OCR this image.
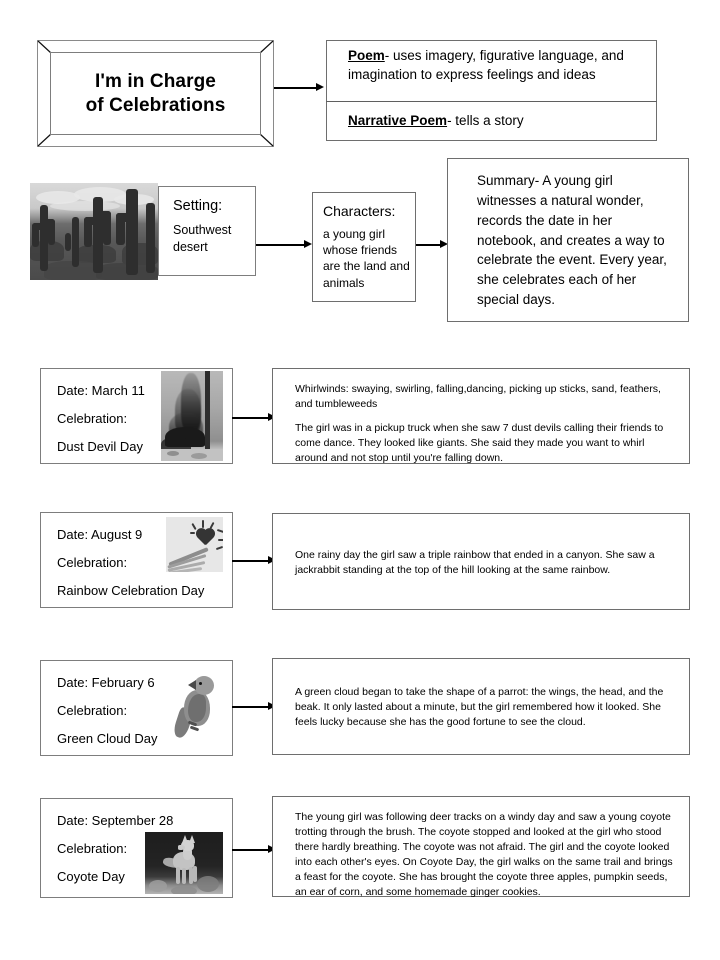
I'm in Charge
of Celebrations
Poem- uses imagery, figurative language, and imagination to express feelings and ideas
Narrative Poem- tells a story
Setting:
Southwest desert
Characters:
a young girl whose friends are the land and animals
Summary- A young girl witnesses a natural wonder, records the date in her notebook, and creates a way to celebrate the event. Every year, she celebrates each of her special days.
Date: March 11
Celebration:
Dust Devil Day

Whirlwinds: swaying, swirling, falling,dancing, picking up sticks, sand, feathers, and tumbleweeds

The girl was in a pickup truck when she saw 7 dust devils calling their friends to come dance. They looked like giants. She said they made you want to whirl around and not stop until you're falling down.

Date: August 9
Celebration:
Rainbow Celebration Day

One rainy day the girl saw a triple rainbow that ended in a canyon. She saw a jackrabbit standing at the top of the hill looking at the same rainbow.

Date: February 6
Celebration:
Green Cloud Day

A green cloud began to take the shape of a parrot: the wings, the head, and the beak. It only lasted about a minute, but the girl remembered how it looked. She feels lucky because she has the good fortune to see the cloud.

Date: September 28
Celebration:
Coyote Day

The young girl was following deer tracks on a windy day and saw a young coyote trotting through the brush. The coyote stopped and looked at the girl who stood there hardly breathing. The coyote was not afraid. The girl and the coyote looked into each other's eyes. On Coyote Day, the girl walks on the same trail and brings a feast for the coyote. She has brought the coyote three apples, pumpkin seeds, an ear of corn, and some homemade ginger cookies.
